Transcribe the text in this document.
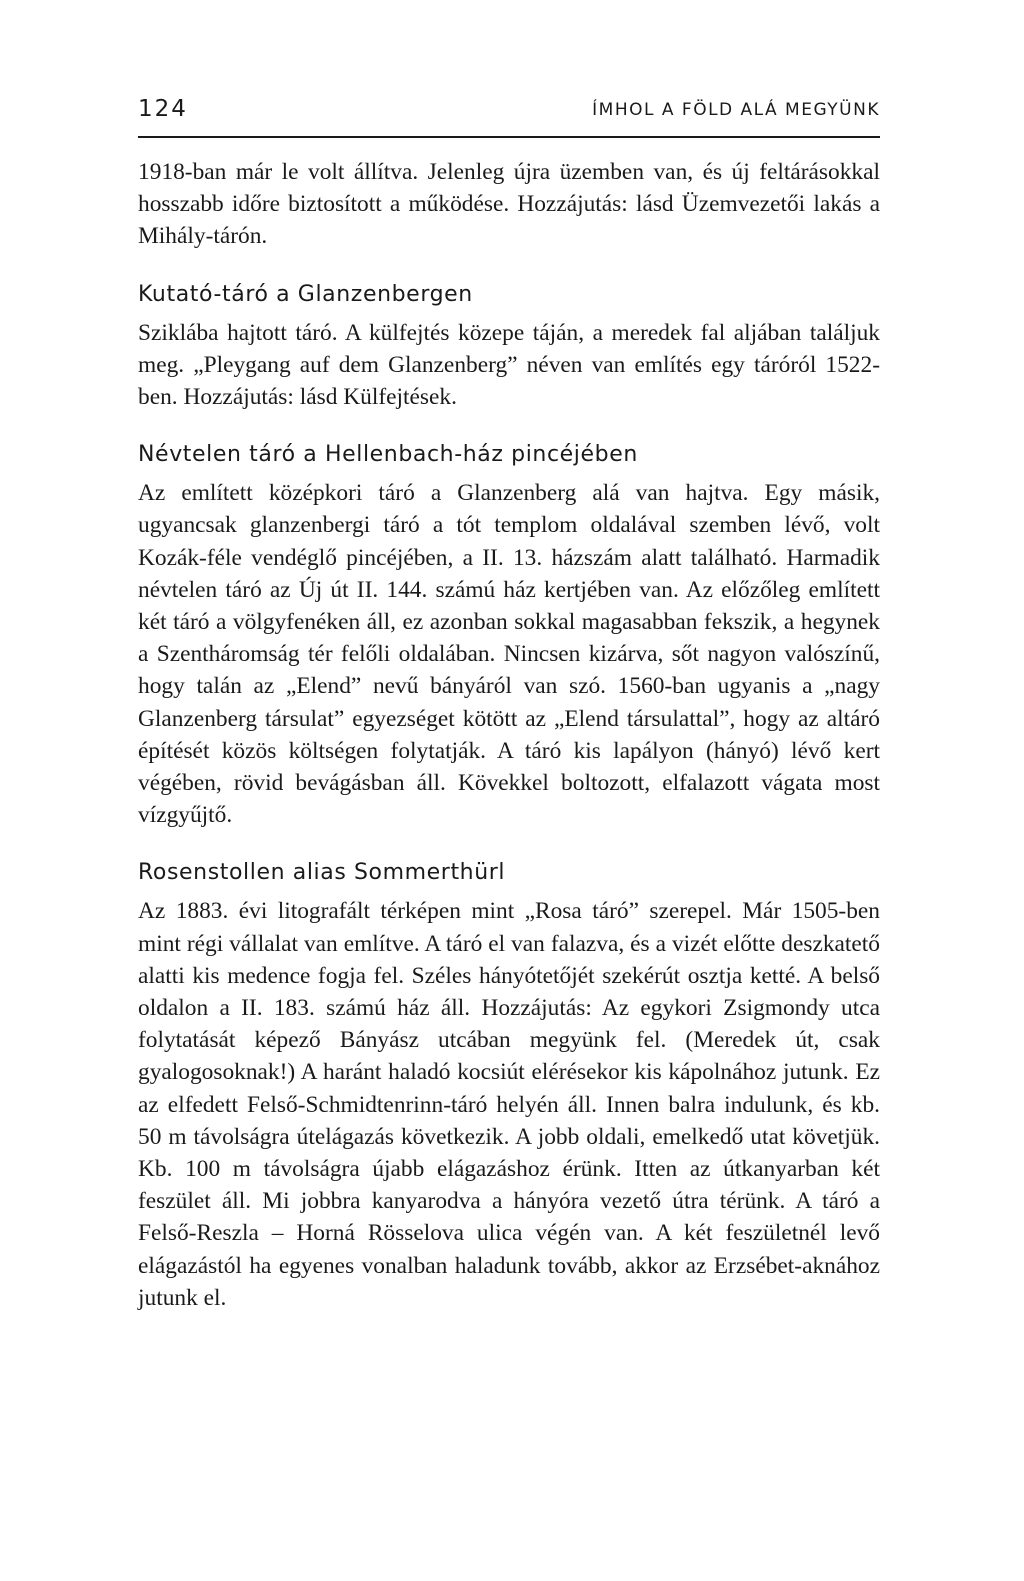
124	ÍMHOL A FÖLD ALÁ MEGYÜNK

1918-ban már le volt állítva. Jelenleg újra üzemben van, és új feltárásokkal hosszabb időre biztosított a működése. Hozzájutás: lásd Üzemvezetői lakás a Mihály-tárón.

Kutató-táró a Glanzenbergen

Sziklába hajtott táró. A külfejtés közepe táján, a meredek fal aljában találjuk meg. „Pleygang auf dem Glanzenberg” néven van említés egy táróról 1522-ben. Hozzájutás: lásd Külfejtések.

Névtelen táró a Hellenbach-ház pincéjében

Az említett középkori táró a Glanzenberg alá van hajtva. Egy másik, ugyancsak glanzenbergi táró a tót templom oldalával szemben lévő, volt Kozák-féle vendéglő pincéjében, a II. 13. házszám alatt található. Harmadik névtelen táró az Új út II. 144. számú ház kertjében van. Az előzőleg említett két táró a völgyfenéken áll, ez azonban sokkal magasabban fekszik, a hegynek a Szentháromság tér felőli oldalában. Nincsen kizárva, sőt nagyon valószínű, hogy talán az „Elend” nevű bányáról van szó. 1560-ban ugyanis a „nagy Glanzenberg társulat” egyezséget kötött az „Elend társulattal”, hogy az altáró építését közös költségen folytatják. A táró kis lapályon (hányó) lévő kert végében, rövid bevágásban áll. Kövekkel boltozott, elfalazott vágata most vízgyűjtő.

Rosenstollen alias Sommerthürl

Az 1883. évi litografált térképen mint „Rosa táró” szerepel. Már 1505-ben mint régi vállalat van említve. A táró el van falazva, és a vizét előtte deszkatető alatti kis medence fogja fel. Széles hányótetőjét szekérút osztja ketté. A belső oldalon a II. 183. számú ház áll. Hozzájutás: Az egykori Zsigmondy utca folytatását képező Bányász utcában megyünk fel. (Meredek út, csak gyalogosoknak!) A haránt haladó kocsiút elérésekor kis kápolnához jutunk. Ez az elfedett Felső-Schmidtenrinn-táró helyén áll. Innen balra indulunk, és kb. 50 m távolságra útelágazás következik. A jobb oldali, emelkedő utat követjük. Kb. 100 m távolságra újabb elágazáshoz érünk. Itten az útkanyarban két feszület áll. Mi jobbra kanyarodva a hányóra vezető útra térünk. A táró a Felső-Reszla – Horná Rösselova ulica végén van. A két feszületnél levő elágazástól ha egyenes vonalban haladunk tovább, akkor az Erzsébet-aknához jutunk el.
